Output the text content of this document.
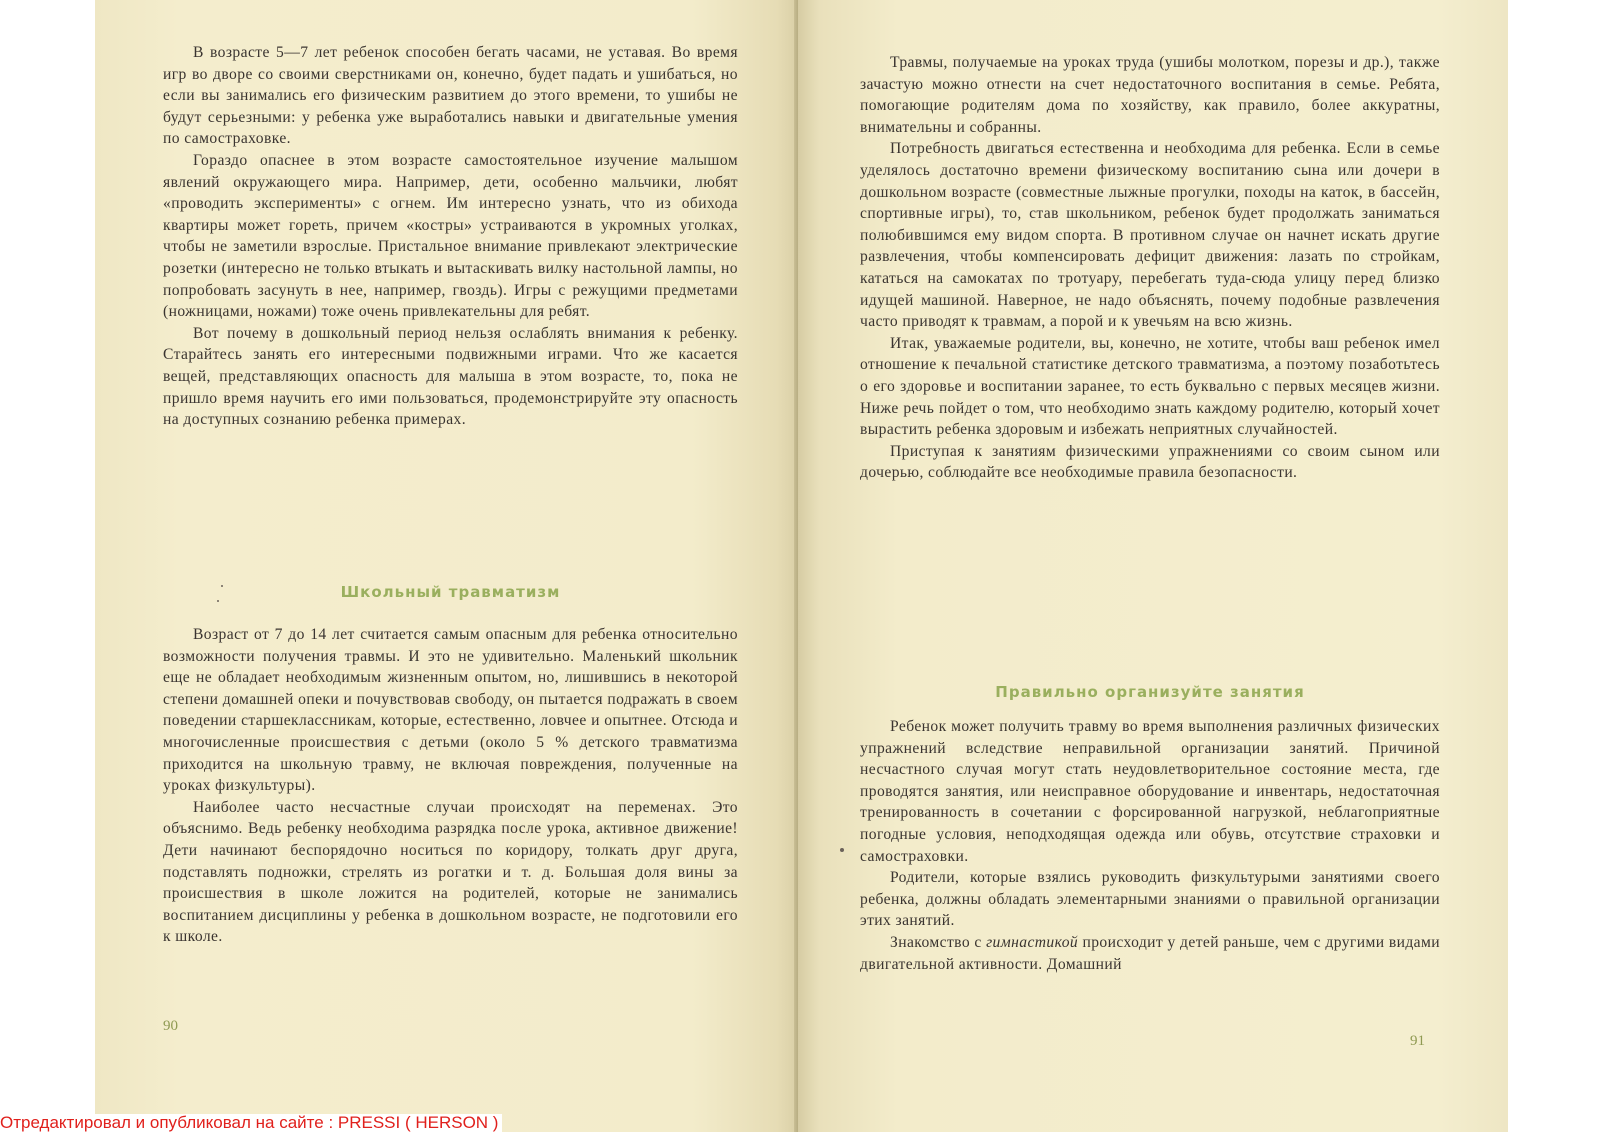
В возрасте 5—7 лет ребенок способен бегать часами, не уставая. Во время игр во дворе со своими сверстниками он, конечно, будет падать и ушибаться, но если вы занимались его физическим развитием до этого времени, то ушибы не будут серьезными: у ребенка уже выработались навыки и двигательные умения по самостраховке.

Гораздо опаснее в этом возрасте самостоятельное изучение малышом явлений окружающего мира. Например, дети, особенно мальчики, любят «проводить эксперименты» с огнем. Им интересно узнать, что из обихода квартиры может гореть, причем «костры» устраиваются в укромных уголках, чтобы не заметили взрослые. Пристальное внимание привлекают электрические розетки (интересно не только втыкать и вытаскивать вилку настольной лампы, но попробовать засунуть в нее, например, гвоздь). Игры с режущими предметами (ножницами, ножами) тоже очень привлекательны для ребят.

Вот почему в дошкольный период нельзя ослаблять внимания к ребенку. Старайтесь занять его интересными подвижными играми. Что же касается вещей, представляющих опасность для малыша в этом возрасте, то, пока не пришло время научить его ими пользоваться, продемонстрируйте эту опасность на доступных сознанию ребенка примерах.

Школьный травматизм

Возраст от 7 до 14 лет считается самым опасным для ребенка относительно возможности получения травмы. И это не удивительно. Маленький школьник еще не обладает необходимым жизненным опытом, но, лишившись в некоторой степени домашней опеки и почувствовав свободу, он пытается подражать в своем поведении старшеклассникам, которые, естественно, ловчее и опытнее. Отсюда и многочисленные происшествия с детьми (около 5 % детского травматизма приходится на школьную травму, не включая повреждения, полученные на уроках физкультуры).

Наиболее часто несчастные случаи происходят на переменах. Это объяснимо. Ведь ребенку необходима разрядка после урока, активное движение! Дети начинают беспорядочно носиться по коридору, толкать друг друга, подставлять подножки, стрелять из рогатки и т. д. Большая доля вины за происшествия в школе ложится на родителей, которые не занимались воспитанием дисциплины у ребенка в дошкольном возрасте, не подготовили его к школе.

90

Травмы, получаемые на уроках труда (ушибы молотком, порезы и др.), также зачастую можно отнести на счет недостаточного воспитания в семье. Ребята, помогающие родителям дома по хозяйству, как правило, более аккуратны, внимательны и собранны.

Потребность двигаться естественна и необходима для ребенка. Если в семье уделялось достаточно времени физическому воспитанию сына или дочери в дошкольном возрасте (совместные лыжные прогулки, походы на каток, в бассейн, спортивные игры), то, став школьником, ребенок будет продолжать заниматься полюбившимся ему видом спорта. В противном случае он начнет искать другие развлечения, чтобы компенсировать дефицит движения: лазать по стройкам, кататься на самокатах по тротуару, перебегать туда-сюда улицу перед близко идущей машиной. Наверное, не надо объяснять, почему подобные развлечения часто приводят к травмам, а порой и к увечьям на всю жизнь.

Итак, уважаемые родители, вы, конечно, не хотите, чтобы ваш ребенок имел отношение к печальной статистике детского травматизма, а поэтому позаботьтесь о его здоровье и воспитании заранее, то есть буквально с первых месяцев жизни. Ниже речь пойдет о том, что необходимо знать каждому родителю, который хочет вырастить ребенка здоровым и избежать неприятных случайностей.

Приступая к занятиям физическими упражнениями со своим сыном или дочерью, соблюдайте все необходимые правила безопасности.

Правильно организуйте занятия

Ребенок может получить травму во время выполнения различных физических упражнений вследствие неправильной организации занятий. Причиной несчастного случая могут стать неудовлетворительное состояние места, где проводятся занятия, или неисправное оборудование и инвентарь, недостаточная тренированность в сочетании с форсированной нагрузкой, неблагоприятные погодные условия, неподходящая одежда или обувь, отсутствие страховки и самостраховки.

Родители, которые взялись руководить физкультурыми занятиями своего ребенка, должны обладать элементарными знаниями о правильной организации этих занятий.

Знакомство с гимнастикой происходит у детей раньше, чем с другими видами двигательной активности. Домашний

91
Отредактировал и опубликовал на сайте : PRESSI ( HERSON )
